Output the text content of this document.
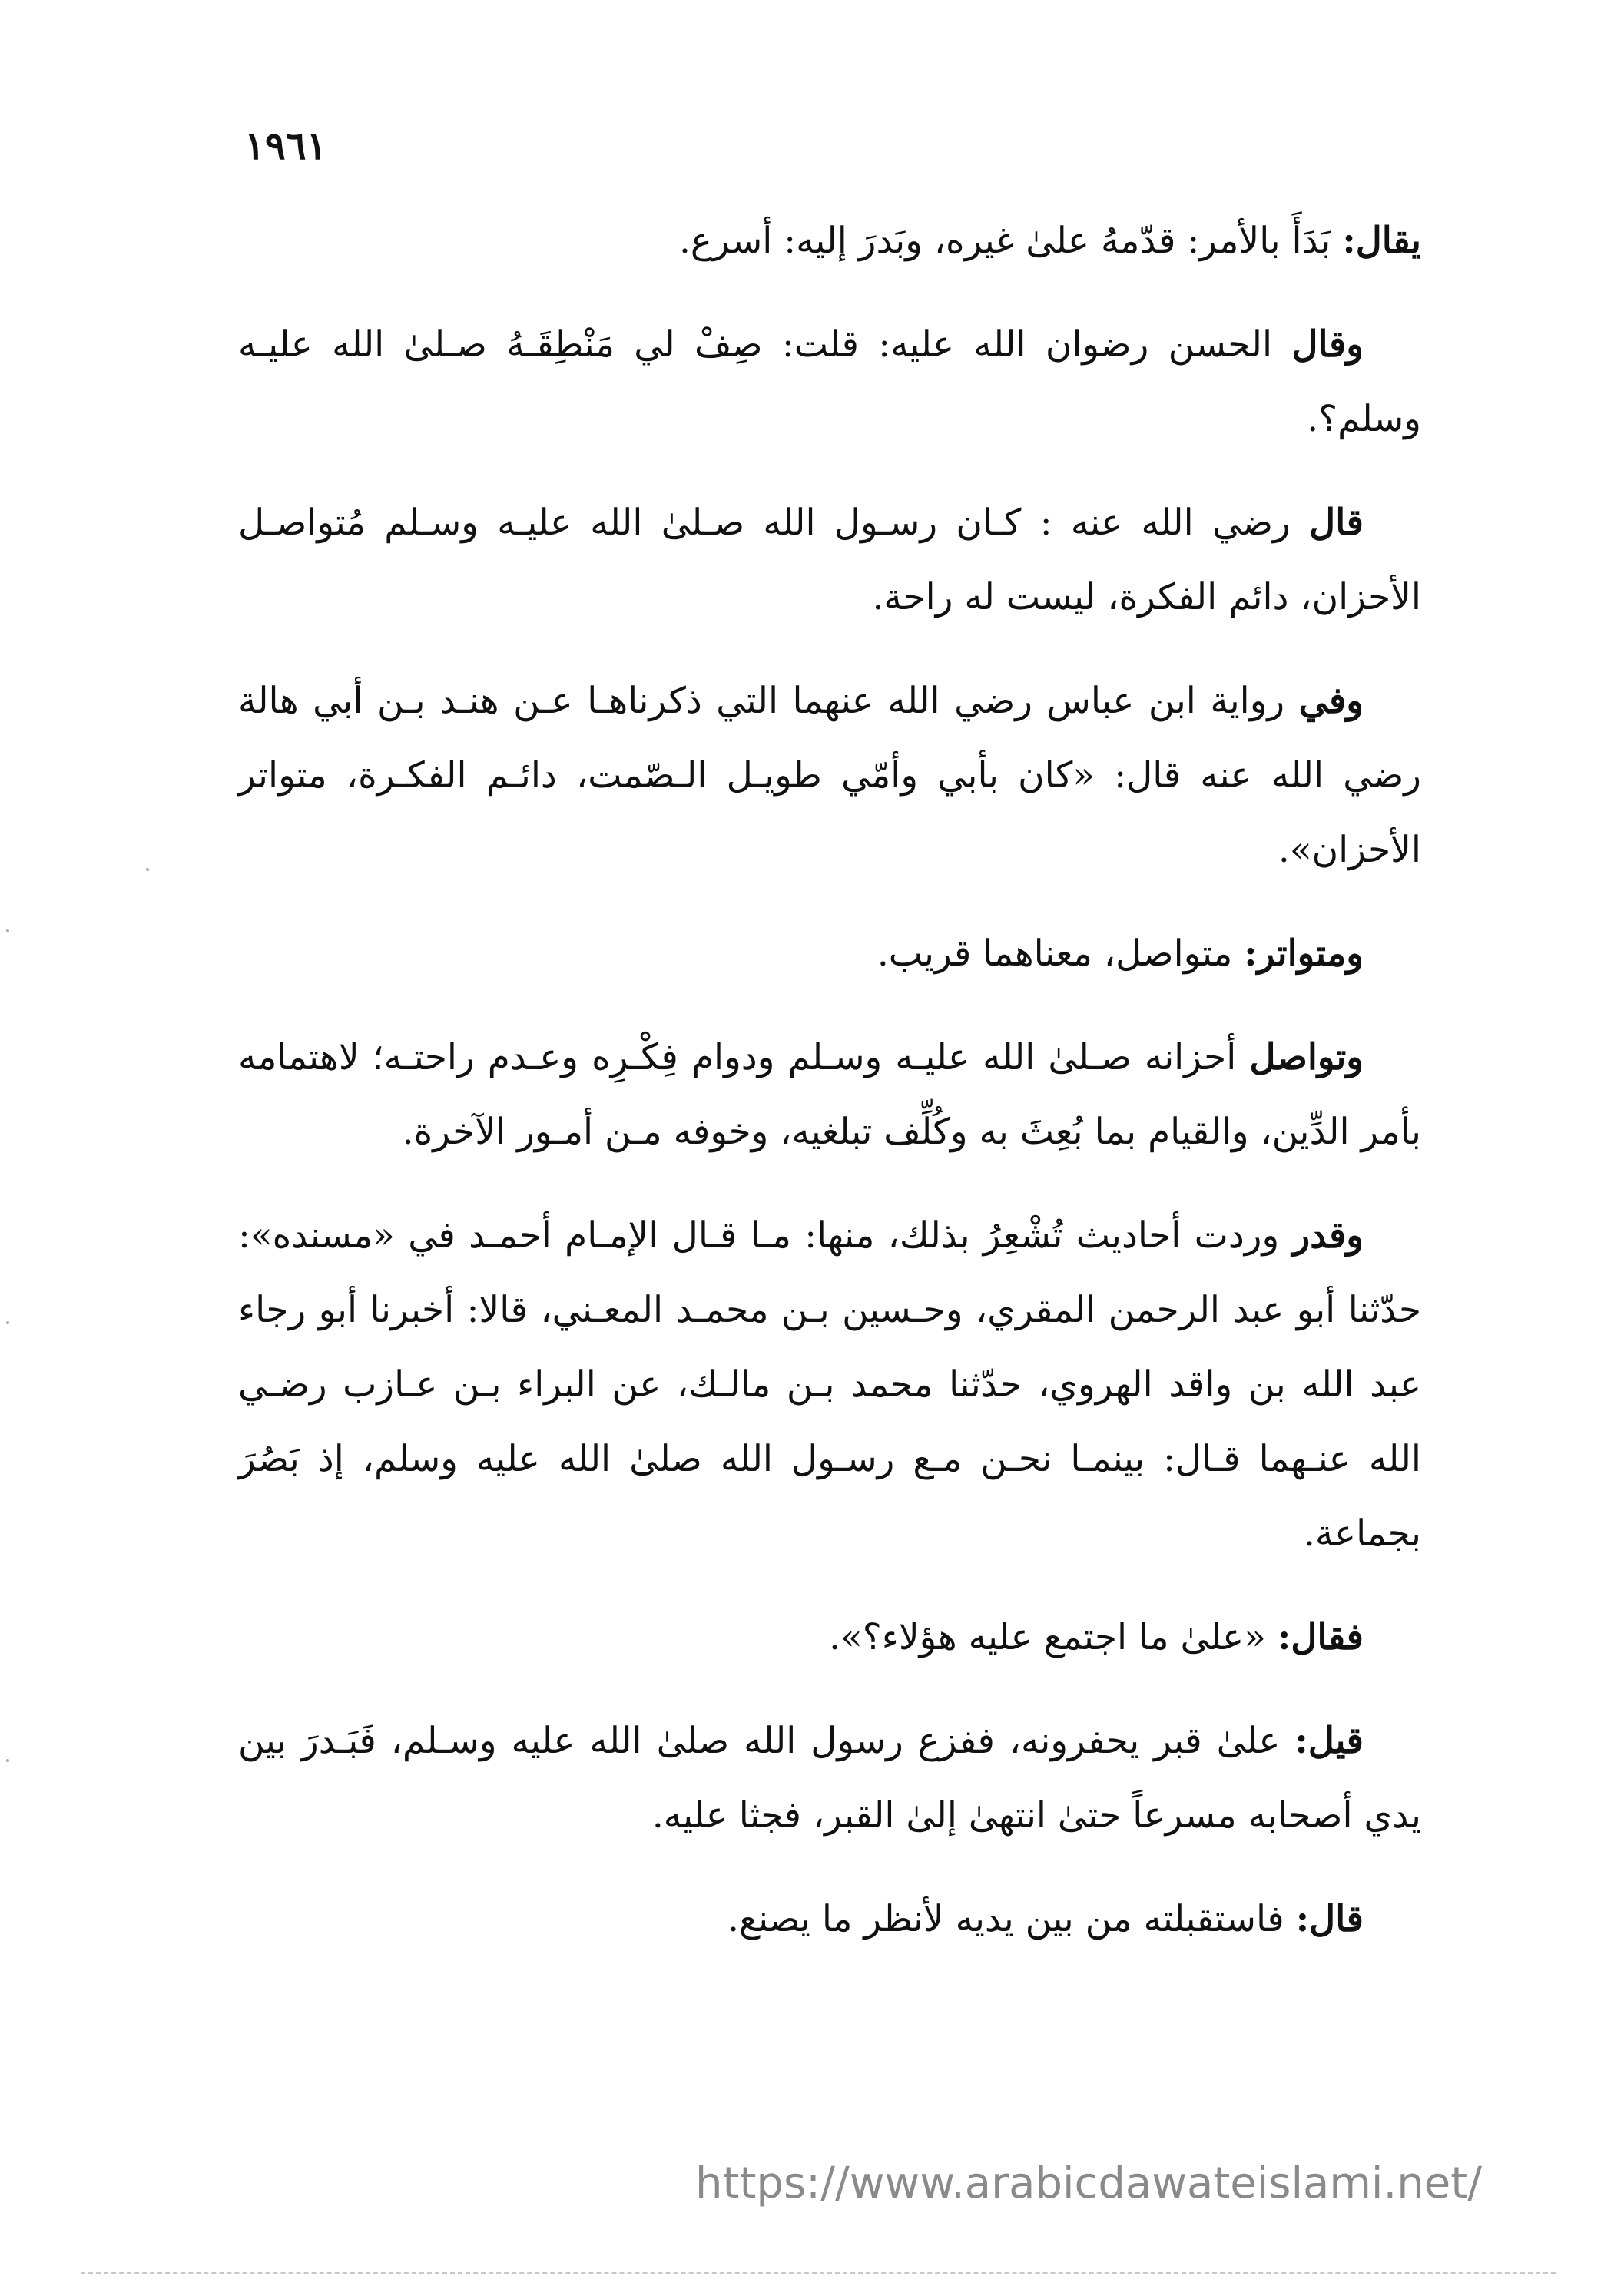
١٩٦١

يقال: بَدَأَ بالأمر: قدّمهُ علىٰ غيره، وبَدرَ إليه: أسرع.

وقال الحسن رضوان الله عليه: قلت: صِفْ لي مَنْطِقَـهُ صـلىٰ الله عليـه وسلم؟.

قال رضي الله عنه : كـان رسـول الله صـلىٰ الله عليـه وسـلم مُتواصـل الأحزان، دائم الفكرة، ليست له راحة.

وفي رواية ابن عباس رضي الله عنهما التي ذكرناهـا عـن هنـد بـن أبي هالة رضي الله عنه قال: «كان بأبي وأمّي طويـل الـصّمت، دائـم الفكـرة، متواتر الأحزان».

ومتواتر: متواصل، معناهما قريب.

وتواصل أحزانه صـلىٰ الله عليـه وسـلم ودوام فِكْـرِه وعـدم راحتـه؛ لاهتمامه بأمر الدِّين، والقيام بما بُعِثَ به وكُلِّف تبلغيه، وخوفه مـن أمـور الآخرة.

وقدر وردت أحاديث تُشْعِرُ بذلك، منها: مـا قـال الإمـام أحمـد في «مسنده»: حدّثنا أبو عبد الرحمن المقري، وحـسين بـن محمـد المعـني، قالا: أخبرنا أبو رجاء عبد الله بن واقد الهروي، حدّثنا محمد بـن مالـك، عن البراء بـن عـازب رضـي الله عنـهما قـال: بينمـا نحـن مـع رسـول الله صلىٰ الله عليه وسلم، إذ بَصُرَ بجماعة.

فقال: «علىٰ ما اجتمع عليه هؤلاء؟».

قيل: علىٰ قبر يحفرونه، ففزع رسول الله صلىٰ الله عليه وسـلم، فَبَـدرَ بين يدي أصحابه مسرعاً حتىٰ انتهىٰ إلىٰ القبر، فجثا عليه.

قال: فاستقبلته من بين يديه لأنظر ما يصنع.

https://www.arabicdawateislami.net/
